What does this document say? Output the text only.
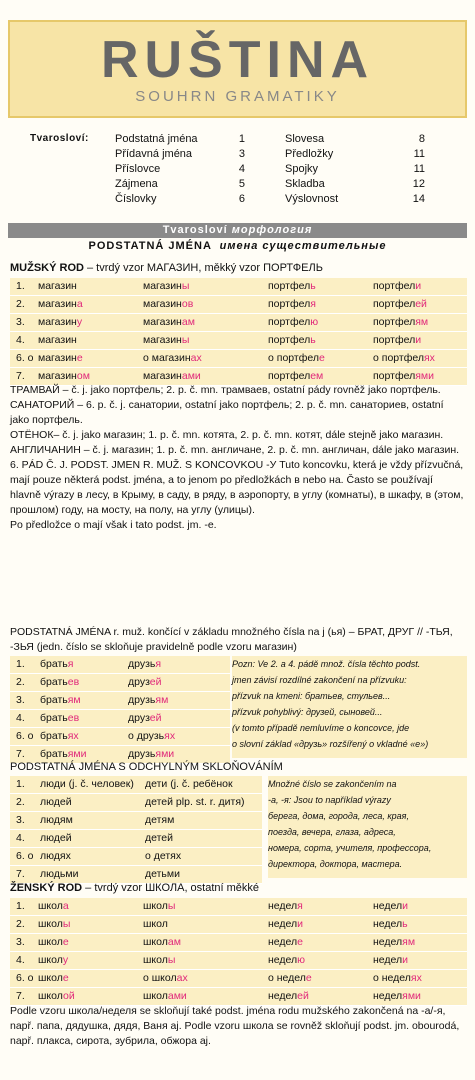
RUŠTINA
SOUHRN GRAMATIKY
Tvarosloví: Podstatná jména	1
Přídavná jména	3
Příslovce	4
Zájmena	5
Číslovky	6
Slovesa	8
Předložky	11
Spojky	11
Skladba	12
Výslovnost	14
Tvarosloví морфология
PODSTATNÁ JMÉNA имена существительные
MUŽSKÝ ROD – tvrdý vzor МАГАЗИН, měkký vzor ПОРТФЕЛЬ
1. магазин	магазины	портфель	портфели
2. магазина	магазинов	портфеля	портфелей
3. магазину	магазинам	портфелю	портфелям
4. магазин	магазины	портфель	портфели
6. о магазине	о магазинах	о портфеле	о портфелях
7. магазином	магазинами	портфелем	портфелями
ТРАМВАЙ – č. j. jako портфель; 2. p. č. mn. трамваев, ostatní pády rovněž jako портфель.
САНАТОРИЙ – 6. p. č. j. санатории, ostatní jako портфель; 2. p. č. mn. санаториев, ostatní jako портфель.
ОТЁНОК– č. j. jako магазин; 1. p. č. mn. котята, 2. p. č. mn. котят, dále stejně jako магазин.
АНГЛИЧАНИН – č. j. магазин; 1. p. č. mn. англичане, 2. p. č. mn. англичан, dále jako магазин.
6. PÁD Č. J. PODST. JMEN R. MUŽ. S KONCOVKOU -У Tuto koncovku, která je vždy přízvučná, mají pouze některá podst. jména, a to jenom po předložkách в nebo на. Často se používají hlavně výrazy в лесу, в Крыму, в саду, в ряду, в аэропорту, в углу (комнаты), в шкафу, в (этом, прошлом) году, на мосту, на полу, на углу (улицы).
Po předložce о mají však i tato podst. jm. -е.
PODSTATNÁ JMÉNA r. muž. končící v základu množného čísla na j (ья) – БРАТ, ДРУГ // -ТЬЯ, -ЗЬЯ (jedn. číslo se skloňuje pravidelně podle vzoru магазин)
1. братья	друзья
2. братьев	друзей
3. братьям	друзьям
4. братьев	друзей
6. о братьях	о друзьях
7. братьями	друзьями
Pozn: Ve 2. a 4. pádě množ. čísla těchto podst.
jmen závisí rozdílné zakončení na přízvuku:
přízvuk na kmeni: братьев, стульев...
přízvuk pohyblivý: друзей, сыновей...
(v tomto případě nemluvíme o koncovce, jde
o slovní základ «друзь» rozšířený o vkladné «е»)
PODSTATNÁ JMÉNA S ODCHYLNÝM SKLOŇOVÁNÍM
1. люди (j. č. человек) дети (j. č. ребёнок
2. людей	детей plp. st. r. дитя)
3. людям	детям
4. людей	детей
6. о людях	о детях
7. людьми	детьми
Množné číslo se zakončením na
-а, -я: Jsou to například výrazy
берега, дома, города, леса, края,
поезда, вечера, глаза, адреса,
номера, сорта, учителя, профессора,
директора, доктора, мастера.
ŽENSKÝ ROD – tvrdý vzor ШКОЛА, ostatní měkké
1. школа	школы	неделя	недели
2. школы	школ	недели	недель
3. школе	школам	неделе	неделям
4. школу	школы	неделю	недели
6. о школе	о школах	о неделе	о неделях
7. школой	школами	неделей	неделями
Podle vzoru школа/неделя se skloňují také podst. jména rodu mužského zakončená na -а/-я, např. папа, дядушка, дядя, Ваня aj. Podle vzoru школа se rovněž skloňují podst. jm. obourodá, např. плакса, сирота, зубрила, обжора aj.
